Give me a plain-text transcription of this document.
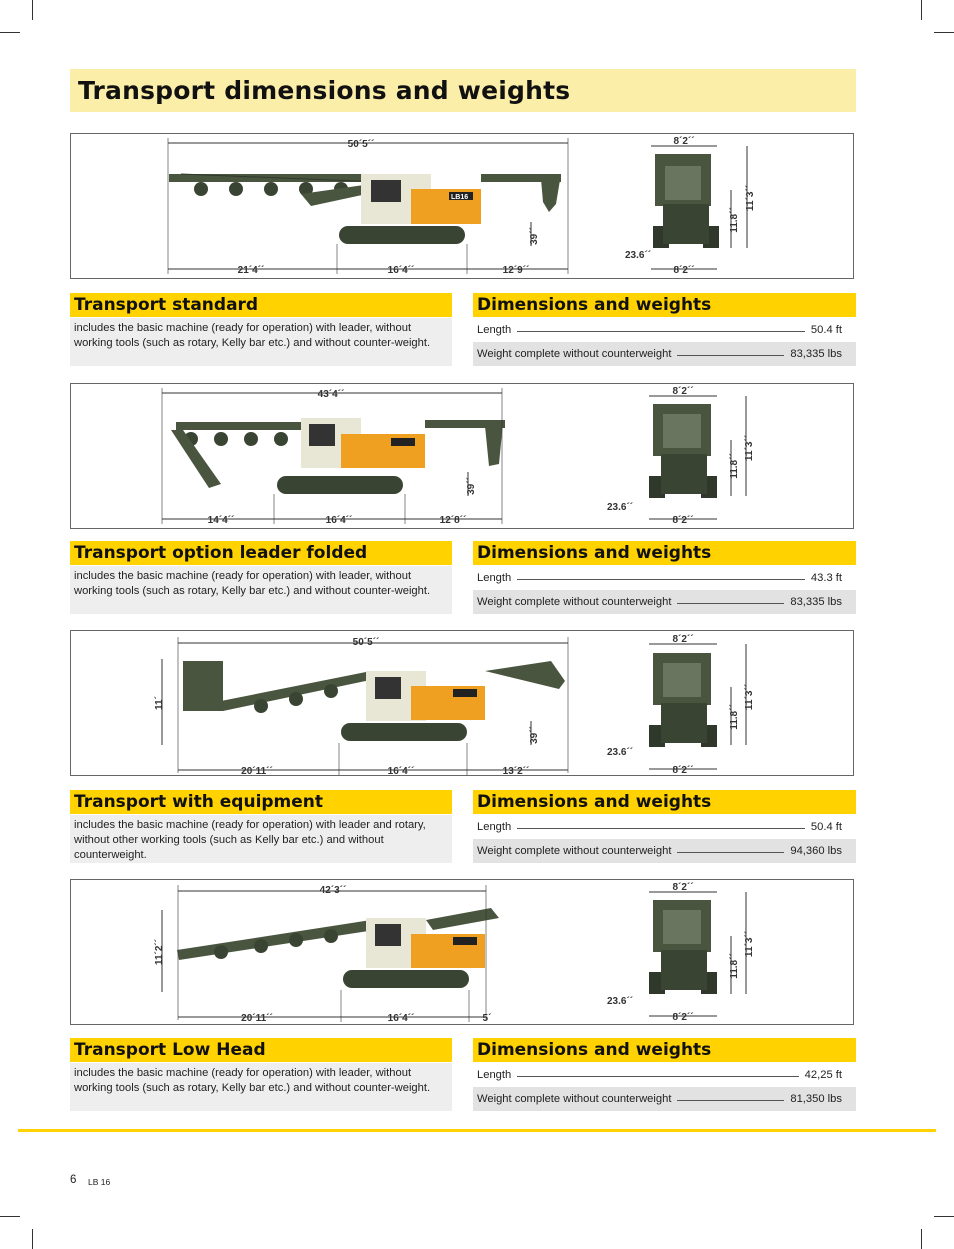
Transport dimensions and weights
LB16
50´5´´
21´4´´	16´4´´	12´9´´
39´´
8´2´´
8´2´´
23.6´´
11.8´´
11´3´´
Transport standard
includes the basic machine (ready for operation) with leader, without working tools (such as rotary, Kelly bar etc.) and without counter-weight.
Dimensions and weights
Length	50.4 ft
Weight complete without counterweight	83,335 lbs
43´4´´
14´4´´	16´4´´	12´8´´
39´´
8´2´´
8´2´´
23.6´´
11.8´´
11´3´´
Transport option leader folded
includes the basic machine (ready for operation) with leader, without working tools (such as rotary, Kelly bar etc.) and without counter-weight.
Dimensions and weights
Length	43.3 ft
Weight complete without counterweight	83,335 lbs
50´5´´
11´
20´11´´	16´4´´	13´2´´
39´´
8´2´´
8´2´´
23.6´´
11.8´´
11´3´´
Transport with equipment
includes the basic machine (ready for operation) with leader and rotary, without other working tools (such as Kelly bar etc.) and without counterweight.
Dimensions and weights
Length	50.4 ft
Weight complete without counterweight	94,360 lbs
42´3´´
11´2´´
20´11´´	16´4´´	5´
8´2´´
8´2´´
23.6´´
11.8´´
11´3´´
Transport Low Head
includes the basic machine (ready for operation) with leader, without working tools (such as rotary, Kelly bar etc.) and without counter-weight.
Dimensions and weights
Length	42,25 ft
Weight complete without counterweight	81,350 lbs
6 LB 16
